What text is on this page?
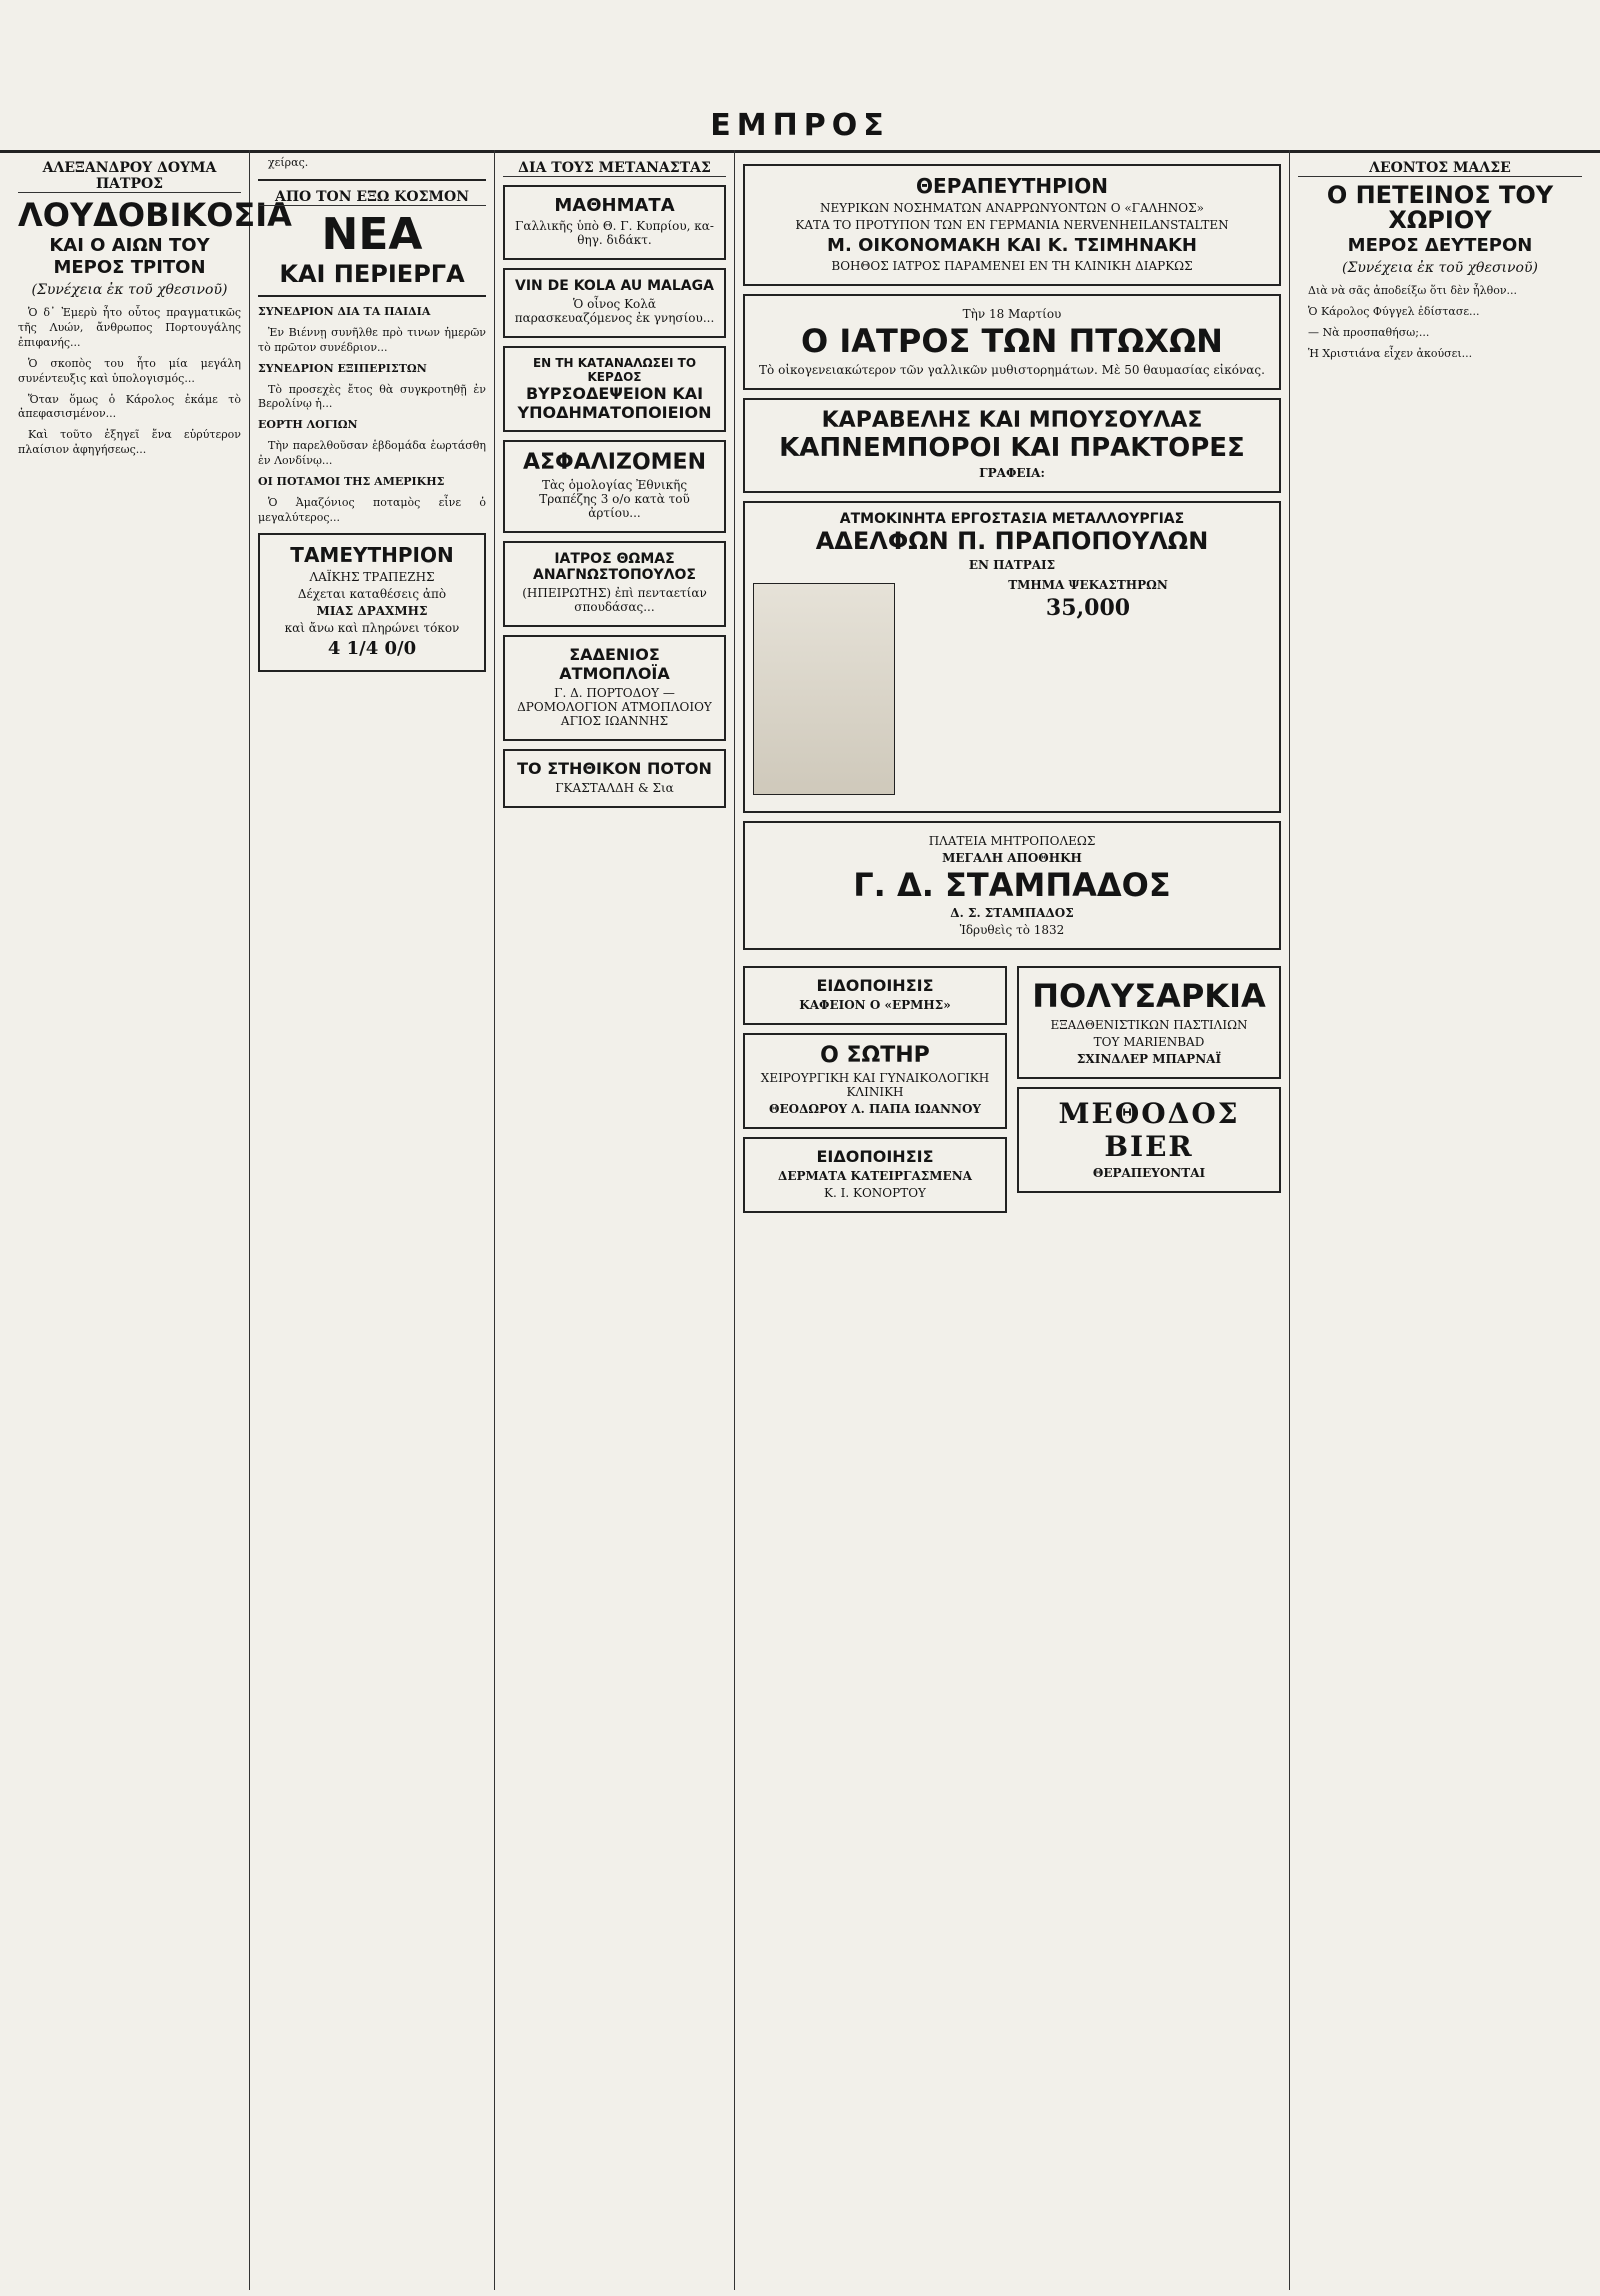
ΕΜΠΡΟΣ
ΑΛΕΞΑΝΔΡΟΥ ΔΟΥΜΑ ΠΑΤΡΟΣ
ΛΟΥΔΟΒΙΚΟΣΙΑ
ΚΑΙ Ο ΑΙΩΝ ΤΟΥ
ΜΕΡΟΣ ΤΡΙΤΟΝ
(Συνέχεια ἐκ τοῦ χθεσινοῦ)
Ὁ δ᾿ Ἐμερὺ ἦτο οὗτος πραγματικῶς τῆς Λυών, ἄνθρωπος Πορτουγάλης ἐπιφανής...
Ὁ σκοπὸς του ἦτο μία μεγάλη συνέντευξις καὶ ὑπολογισμός...
Ὅταν ὅμως ὁ Κάρολος ἐκάμε τὸ ἀπεφασισμένον...
Καὶ τοῦτο ἐξηγεῖ ἔνα εὑρύτερον πλαίσιον ἀφηγήσεως...
χείρας.
ΑΠΟ ΤΟΝ ΕΞΩ ΚΟΣΜΟΝ
ΝΕΑ
ΚΑΙ ΠΕΡΙΕΡΓΑ
ΣΥΝΕΔΡΙΟΝ ΔΙΑ ΤΑ ΠΑΙΔΙΑ
Ἐν Βιέννῃ συνῆλθε πρὸ τινων ἡμερῶν τὸ πρῶτον συνέδριον...
ΣΥΝΕΔΡΙΟΝ ΕΞΙΠΕΡΙΣΤΩΝ
Τὸ προσεχὲς ἔτος θὰ συγκροτηθῇ ἐν Βερολίνῳ ἡ...
ΕΟΡΤΗ ΛΟΓΙΩΝ
Τὴν παρελθοῦσαν ἑβδομάδα ἑωρτάσθη ἐν Λονδίνῳ...
ΟΙ ΠΟΤΑΜΟΙ ΤΗΣ ΑΜΕΡΙΚΗΣ
Ὁ Ἀμαζόνιος ποταμὸς εἶνε ὁ μεγαλύτερος...
ΤΑΜΕΥΤΗΡΙΟΝ
ΛΑΪΚΗΣ ΤΡΑΠΕΖΗΣ
Δέχεται καταθέσεις ἀπὸ
ΜΙΑΣ ΔΡΑΧΜΗΣ
καὶ ἄνω καὶ πληρώνει τόκον
4 1/4 0/0
ΔΙΑ ΤΟΥΣ ΜΕΤΑΝΑΣΤΑΣ
ΜΑΘΗΜΑΤΑ
Γαλλικῆς ὑπὸ Θ. Γ. Κυπρίου, καθηγ. διδάκτ.
VIN DE KOLA AU MALAGA
Ὁ οἶνος Κολᾶ παρασκευαζόμενος ἐκ γνησίου...
ΕΝ ΤΗ ΚΑΤΑΝΑΛΩΣΕΙ ΤΟ ΚΕΡΔΟΣ
ΒΥΡΣΟΔΕΨΕΙΟΝ ΚΑΙ ΥΠΟΔΗΜΑΤΟΠΟΙΕΙΟΝ
ΑΣΦΑΛΙΖΟΜΕΝ
Τὰς ὁμολογίας Ἐθνικῆς Τραπέζης 3 ο/ο κατὰ τοῦ ἀρτίου...
ΙΑΤΡΟΣ ΘΩΜΑΣ ΑΝΑΓΝΩΣΤΟΠΟΥΛΟΣ
(ΗΠΕΙΡΩΤΗΣ) ἐπὶ πενταετίαν σπουδάσας...
ΣΑΔΕΝΙΟΣ ΑΤΜΟΠΛΟΪΑ
Γ. Δ. ΠΟΡΤΟΔΟΥ — ΔΡΟΜΟΛΟΓΙΟΝ ΑΤΜΟΠΛΟΙΟΥ ΑΓΙΟΣ ΙΩΑΝΝΗΣ
ΤΟ ΣΤΗΘΙΚΟΝ ΠΟΤΟΝ
ΓΚΑΣΤΑΛΔΗ & Σια
ΘΕΡΑΠΕΥΤΗΡΙΟΝ
ΝΕΥΡΙΚΩΝ ΝΟΣΗΜΑΤΩΝ ΑΝΑΡΡΩΝΥΟΝΤΩΝ Ο «ΓΑΛΗΝΟΣ»
ΚΑΤΑ ΤΟ ΠΡΟΤΥΠΟΝ ΤΩΝ ΕΝ ΓΕΡΜΑΝΙΑ NERVENHEILANSTALTEN
Μ. ΟΙΚΟΝΟΜΑΚΗ ΚΑΙ Κ. ΤΣΙΜΗΝΑΚΗ
ΒΟΗΘΟΣ ΙΑΤΡΟΣ ΠΑΡΑΜΕΝΕΙ ΕΝ ΤΗ ΚΛΙΝΙΚΗ ΔΙΑΡΚΩΣ
Τὴν 18 Μαρτίου
Ο ΙΑΤΡΟΣ ΤΩΝ ΠΤΩΧΩΝ
Τὸ οἰκογενειακώτερον τῶν γαλλικῶν μυθιστορημάτων. Μὲ 50 θαυμασίας εἰκόνας.
ΚΑΡΑΒΕΛΗΣ ΚΑΙ ΜΠΟΥΣΟΥΛΑΣ
ΚΑΠΝΕΜΠΟΡΟΙ ΚΑΙ ΠΡΑΚΤΟΡΕΣ
ΓΡΑΦΕΙΑ:
ΑΤΜΟΚΙΝΗΤΑ ΕΡΓΟΣΤΑΣΙΑ ΜΕΤΑΛΛΟΥΡΓΙΑΣ
ΑΔΕΛΦΩΝ Π. ΠΡΑΠΟΠΟΥΛΩΝ
ΕΝ ΠΑΤΡΑΙΣ
ΤΜΗΜΑ ΨΕΚΑΣΤΗΡΩΝ
35,000
ΠΛΑΤΕΙΑ ΜΗΤΡΟΠΟΛΕΩΣ
ΜΕΓΑΛΗ ΑΠΟΘΗΚΗ
Γ. Δ. ΣΤΑΜΠΑΔΟΣ
Δ. Σ. ΣΤΑΜΠΑΔΟΣ
Ἱδρυθεὶς τὸ 1832
ΕΙΔΟΠΟΙΗΣΙΣ
ΚΑΦΕΙΟΝ Ο «ΕΡΜΗΣ»
Ο ΣΩΤΗΡ
ΧΕΙΡΟΥΡΓΙΚΗ ΚΑΙ ΓΥΝΑΙΚΟΛΟΓΙΚΗ ΚΛΙΝΙΚΗ
ΘΕΟΔΩΡΟΥ Λ. ΠΑΠΑ ΙΩΑΝΝΟΥ
ΕΙΔΟΠΟΙΗΣΙΣ
ΔΕΡΜΑΤΑ ΚΑΤΕΙΡΓΑΣΜΕΝΑ
Κ. Ι. ΚΟΝΟΡΤΟΥ
ΠΟΛΥΣΑΡΚΙΑ
ΕΞΑΔΘΕΝΙΣΤΙΚΩΝ ΠΑΣΤΙΛΙΩΝ
ΤΟΥ MARIENBAD
ΣΧΙΝΔΛΕΡ ΜΠΑΡΝΑΪ
ΜΕΘΟΔΟΣ BIER
ΘΕΡΑΠΕΥΟΝΤΑΙ
ΛΕΟΝΤΟΣ ΜΑΛΣΕ
Ο ΠΕΤΕΙΝΟΣ ΤΟΥ ΧΩΡΙΟΥ
ΜΕΡΟΣ ΔΕΥΤΕΡΟΝ
(Συνέχεια ἐκ τοῦ χθεσινοῦ)
Διὰ νὰ σᾶς ἀποδείξω ὅτι δὲν ἦλθον...
Ὁ Κάρολος Φύγγελ ἐδίστασε...
— Νὰ προσπαθήσω;...
Ἡ Χριστιάνα εἶχεν ἀκούσει...
